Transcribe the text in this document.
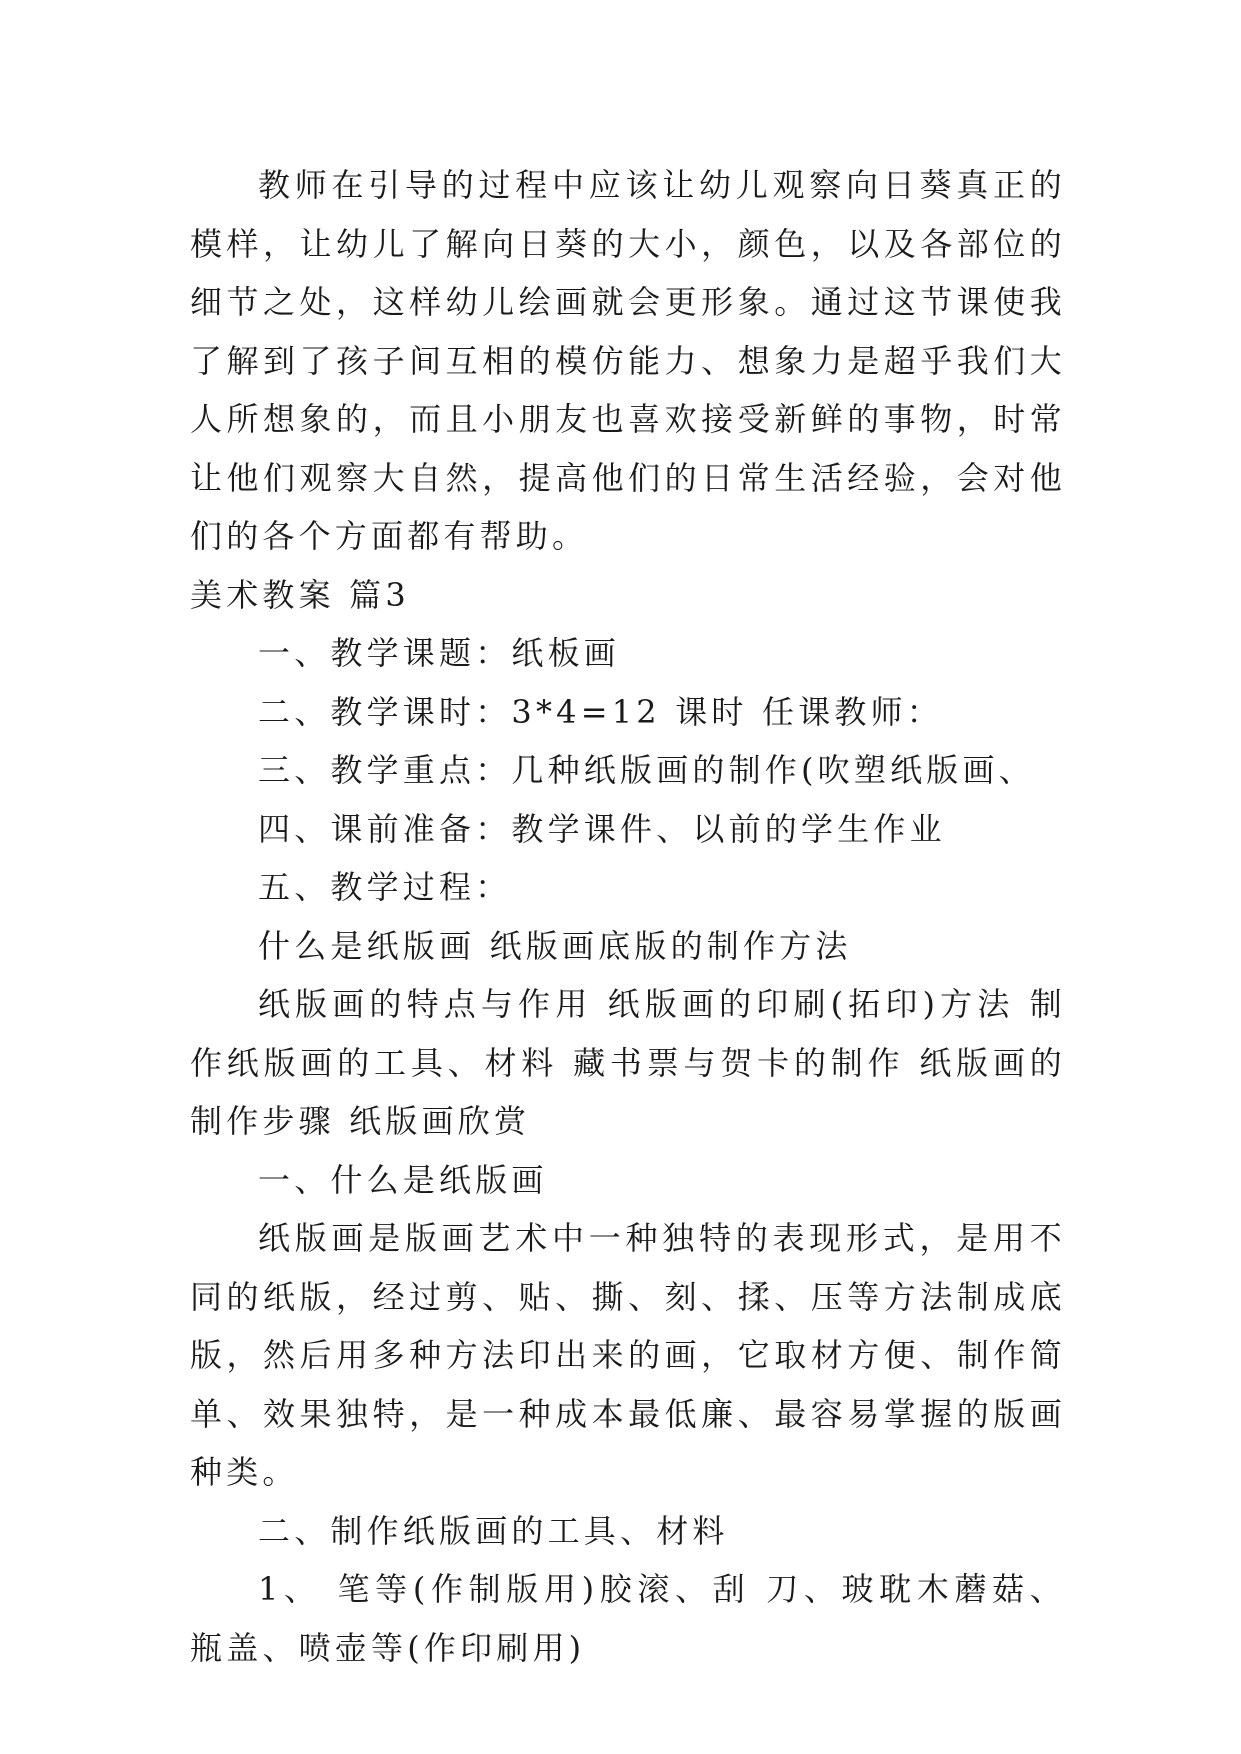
教师在引导的过程中应该让幼儿观察向日葵真正的模样，让幼儿了解向日葵的大小，颜色，以及各部位的细节之处，这样幼儿绘画就会更形象。通过这节课使我了解到了孩子间互相的模仿能力、想象力是超乎我们大人所想象的，而且小朋友也喜欢接受新鲜的事物，时常让他们观察大自然，提高他们的日常生活经验，会对他们的各个方面都有帮助。

美术教案 篇3

一、教学课题：纸板画

二、教学课时：3*4=12 课时 任课教师：

三、教学重点：几种纸版画的制作(吹塑纸版画、

四、课前准备：教学课件、以前的学生作业

五、教学过程：

什么是纸版画 纸版画底版的制作方法

纸版画的特点与作用 纸版画的印刷(拓印)方法 制作纸版画的工具、材料 藏书票与贺卡的制作 纸版画的制作步骤 纸版画欣赏

一、什么是纸版画

纸版画是版画艺术中一种独特的表现形式，是用不同的纸版，经过剪、贴、撕、刻、揉、压等方法制成底版，然后用多种方法印出来的画，它取材方便、制作简单、效果独特，是一种成本最低廉、最容易掌握的版画种类。

二、制作纸版画的工具、材料

1、 笔等(作制版用)胶滚、刮 刀、玻耽木蘑菇、瓶盖、喷壶等(作印刷用)
